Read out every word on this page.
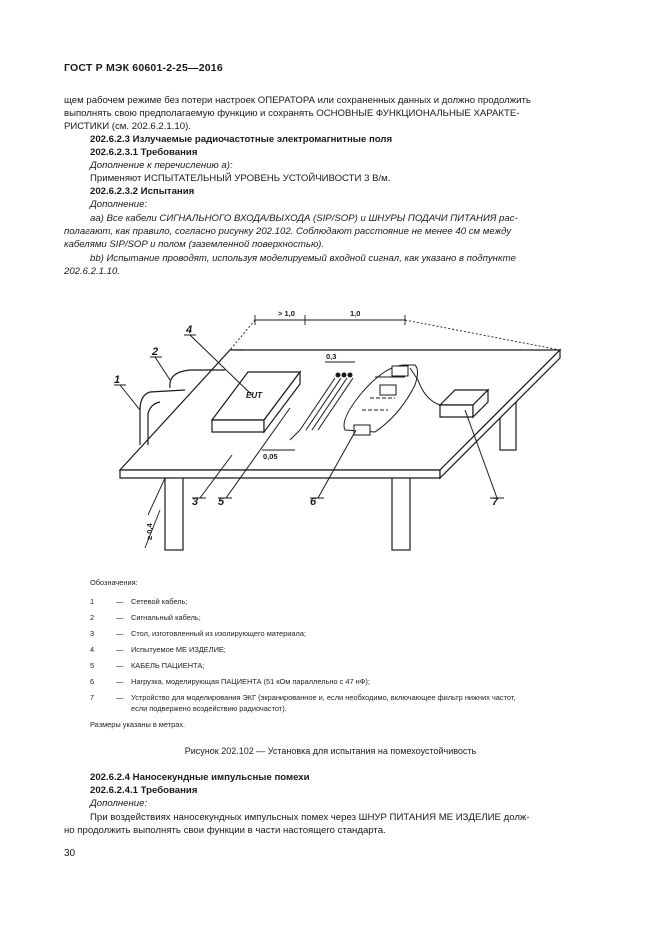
ГОСТ Р МЭК 60601-2-25—2016
щем рабочем режиме без потери настроек ОПЕРАТОРА или сохраненных данных и должно продолжить
выполнять свою предполагаемую функцию и сохранять ОСНОВНЫЕ ФУНКЦИОНАЛЬНЫЕ ХАРАКТЕ-
РИСТИКИ (см. 202.6.2.1.10).
202.6.2.3 Излучаемые радиочастотные электромагнитные поля
202.6.2.3.1 Требования
Дополнение к перечислению a):
Применяют ИСПЫТАТЕЛЬНЫЙ УРОВЕНЬ УСТОЙЧИВОСТИ 3 В/м.
202.6.2.3.2 Испытания
Дополнение:
aa) Все кабели СИГНАЛЬНОГО ВХОДА/ВЫХОДА (SIP/SOP) и ШНУРЫ ПОДАЧИ ПИТАНИЯ рас-
полагают, как правило, согласно рисунку 202.102. Соблюдают расстояние не менее 40 см между
кабелями SIP/SOP и полом (заземленной поверхностью).
bb) Испытание проводят, используя моделируемый входной сигнал, как указано в подпункте
202.6.2.1.10.
1
2
3
4
5	6	7
EUT
> 1,0	1,0
0,3
0,05
≥ 0,4
Обозначения:
1	— Сетевой кабель;
2	— Сигнальный кабель;
3	— Стол, изготовленный из изолирующего материала;
4	— Испытуемое МЕ ИЗДЕЛИЕ;
5	— КАБЕЛЬ ПАЦИЕНТА;
6	— Нагрузка, моделирующая ПАЦИЕНТА (51 кОм параллельно с 47 нФ);
7	— Устройство для моделирования ЭКГ (экранированное и, если необходимо, включающее фильтр нижних частот,
если подвержено воздействию радиочастот).
Размеры указаны в метрах.
Рисунок 202.102 — Установка для испытания на помехоустойчивость
202.6.2.4 Наносекундные импульсные помехи
202.6.2.4.1 Требования
Дополнение:
При воздействиях наносекундных импульсных помех через ШНУР ПИТАНИЯ МЕ ИЗДЕЛИЕ долж-
но продолжить выполнять свои функции в части настоящего стандарта.
30
